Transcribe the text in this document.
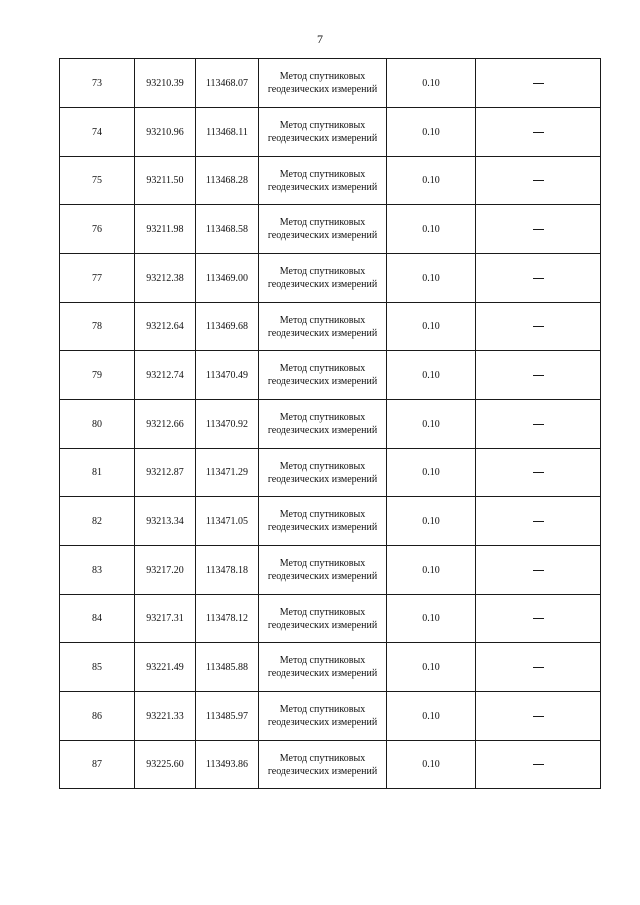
7
73	93210.39	113468.07	Метод спутниковых геодезических измерений	0.10	
74	93210.96	113468.11	Метод спутниковых геодезических измерений	0.10	
75	93211.50	113468.28	Метод спутниковых геодезических измерений	0.10	
76	93211.98	113468.58	Метод спутниковых геодезических измерений	0.10	
77	93212.38	113469.00	Метод спутниковых геодезических измерений	0.10	
78	93212.64	113469.68	Метод спутниковых геодезических измерений	0.10	
79	93212.74	113470.49	Метод спутниковых геодезических измерений	0.10	
80	93212.66	113470.92	Метод спутниковых геодезических измерений	0.10	
81	93212.87	113471.29	Метод спутниковых геодезических измерений	0.10	
82	93213.34	113471.05	Метод спутниковых геодезических измерений	0.10	
83	93217.20	113478.18	Метод спутниковых геодезических измерений	0.10	
84	93217.31	113478.12	Метод спутниковых геодезических измерений	0.10	
85	93221.49	113485.88	Метод спутниковых геодезических измерений	0.10	
86	93221.33	113485.97	Метод спутниковых геодезических измерений	0.10	
87	93225.60	113493.86	Метод спутниковых геодезических измерений	0.10	
